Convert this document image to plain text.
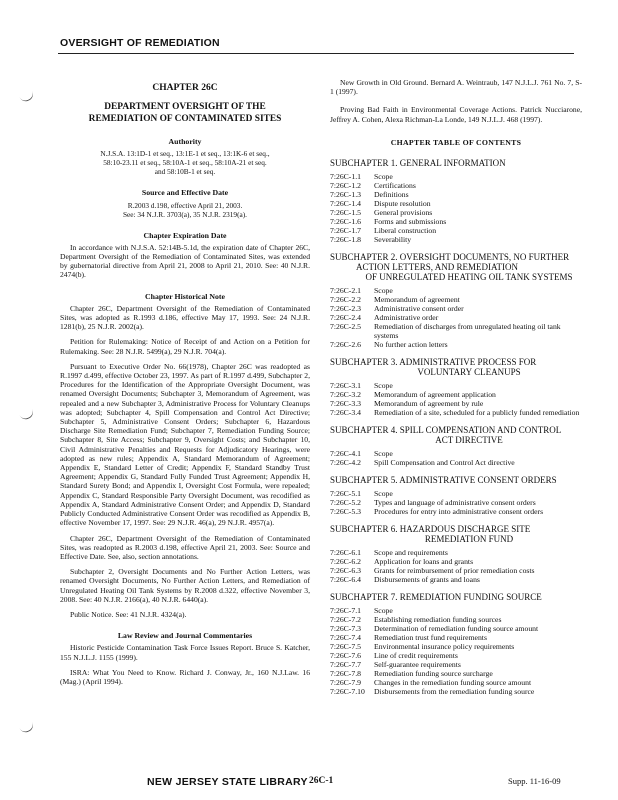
OVERSIGHT OF REMEDIATION
CHAPTER 26C
DEPARTMENT OVERSIGHT OF THE
REMEDIATION OF CONTAMINATED SITES
Authority
N.J.S.A. 13:1D-1 et seq., 13:1E-1 et seq., 13:1K-6 et seq.,
58:10-23.11 et seq., 58:10A-1 et seq., 58:10A-21 et seq.
and 58:10B-1 et seq.
Source and Effective Date
R.2003 d.198, effective April 21, 2003.
See: 34 N.J.R. 3703(a), 35 N.J.R. 2319(a).
Chapter Expiration Date

In accordance with N.J.S.A. 52:14B-5.1d, the expiration date of Chapter 26C, Department Oversight of the Remediation of Contaminated Sites, was extended by gubernatorial directive from April 21, 2008 to April 21, 2010. See: 40 N.J.R. 2474(b).

Chapter Historical Note

Chapter 26C, Department Oversight of the Remediation of Contaminated Sites, was adopted as R.1993 d.186, effective May 17, 1993. See: 24 N.J.R. 1281(b), 25 N.J.R. 2002(a).

Petition for Rulemaking: Notice of Receipt of and Action on a Petition for Rulemaking. See: 28 N.J.R. 5499(a), 29 N.J.R. 704(a).

Pursuant to Executive Order No. 66(1978), Chapter 26C was readopted as R.1997 d.499, effective October 23, 1997. As part of R.1997 d.499, Subchapter 2, Procedures for the Identification of the Appropriate Oversight Document, was renamed Oversight Documents; Subchapter 3, Memorandum of Agreement, was repealed and a new Subchapter 3, Administrative Process for Voluntary Cleanups was adopted; Subchapter 4, Spill Compensation and Control Act Directive; Subchapter 5, Administrative Consent Orders; Subchapter 6, Hazardous Discharge Site Remediation Fund; Subchapter 7, Remediation Funding Source; Subchapter 8, Site Access; Subchapter 9, Oversight Costs; and Subchapter 10, Civil Administrative Penalties and Requests for Adjudicatory Hearings, were adopted as new rules; Appendix A, Standard Memorandum of Agreement; Appendix E, Standard Letter of Credit; Appendix F, Standard Standby Trust Agreement; Appendix G, Standard Fully Funded Trust Agreement; Appendix H, Standard Surety Bond; and Appendix I, Oversight Cost Formula, were repealed; Appendix C, Standard Responsible Party Oversight Document, was recodified as Appendix A, Standard Administrative Consent Order; and Appendix D, Standard Publicly Conducted Administrative Consent Order was recodified as Appendix B, effective November 17, 1997. See: 29 N.J.R. 46(a), 29 N.J.R. 4957(a).

Chapter 26C, Department Oversight of the Remediation of Contaminated Sites, was readopted as R.2003 d.198, effective April 21, 2003. See: Source and Effective Date. See, also, section annotations.

Subchapter 2, Oversight Documents and No Further Action Letters, was renamed Oversight Documents, No Further Action Letters, and Remediation of Unregulated Heating Oil Tank Systems by R.2008 d.322, effective November 3, 2008. See: 40 N.J.R. 2166(a), 40 N.J.R. 6440(a).

Public Notice. See: 41 N.J.R. 4324(a).

Law Review and Journal Commentaries

Historic Pesticide Contamination Task Force Issues Report. Bruce S. Katcher, 155 N.J.L.J. 1155 (1999).

ISRA: What You Need to Know. Richard J. Conway, Jr., 160 N.J.Law. 16 (Mag.) (April 1994).

New Growth in Old Ground. Bernard A. Weintraub, 147 N.J.L.J. 761 No. 7, S-1 (1997).

Proving Bad Faith in Environmental Coverage Actions. Patrick Nucciarone, Jeffrey A. Cohen, Alexa Richman-La Londe, 149 N.J.L.J. 468 (1997).

CHAPTER TABLE OF CONTENTS
SUBCHAPTER 1. GENERAL INFORMATION
7:26C-1.1	Scope
7:26C-1.2	Certifications
7:26C-1.3	Definitions
7:26C-1.4	Dispute resolution
7:26C-1.5	General provisions
7:26C-1.6	Forms and submissions
7:26C-1.7	Liberal construction
7:26C-1.8	Severability
SUBCHAPTER 2. OVERSIGHT DOCUMENTS, NO FURTHER ACTION LETTERS, AND REMEDIATION
OF UNREGULATED HEATING OIL TANK SYSTEMS
7:26C-2.1	Scope
7:26C-2.2	Memorandum of agreement
7:26C-2.3	Administrative consent order
7:26C-2.4	Administrative order
7:26C-2.5	Remediation of discharges from unregulated heating oil tank systems
7:26C-2.6	No further action letters
SUBCHAPTER 3. ADMINISTRATIVE PROCESS FOR
VOLUNTARY CLEANUPS
7:26C-3.1	Scope
7:26C-3.2	Memorandum of agreement application
7:26C-3.3	Memorandum of agreement by rule
7:26C-3.4	Remediation of a site, scheduled for a publicly funded remediation
SUBCHAPTER 4. SPILL COMPENSATION AND CONTROL
ACT DIRECTIVE
7:26C-4.1	Scope
7:26C-4.2	Spill Compensation and Control Act directive
SUBCHAPTER 5. ADMINISTRATIVE CONSENT ORDERS
7:26C-5.1	Scope
7:26C-5.2	Types and language of administrative consent orders
7:26C-5.3	Procedures for entry into administrative consent orders
SUBCHAPTER 6. HAZARDOUS DISCHARGE SITE
REMEDIATION FUND
7:26C-6.1	Scope and requirements
7:26C-6.2	Application for loans and grants
7:26C-6.3	Grants for reimbursement of prior remediation costs
7:26C-6.4	Disbursements of grants and loans
SUBCHAPTER 7. REMEDIATION FUNDING SOURCE
7:26C-7.1	Scope
7:26C-7.2	Establishing remediation funding sources
7:26C-7.3	Determination of remediation funding source amount
7:26C-7.4	Remediation trust fund requirements
7:26C-7.5	Environmental insurance policy requirements
7:26C-7.6	Line of credit requirements
7:26C-7.7	Self-guarantee requirements
7:26C-7.8	Remediation funding source surcharge
7:26C-7.9	Changes in the remediation funding source amount
7:26C-7.10	Disbursements from the remediation funding source
NEW JERSEY STATE LIBRARY 26C-1	Supp. 11-16-09
